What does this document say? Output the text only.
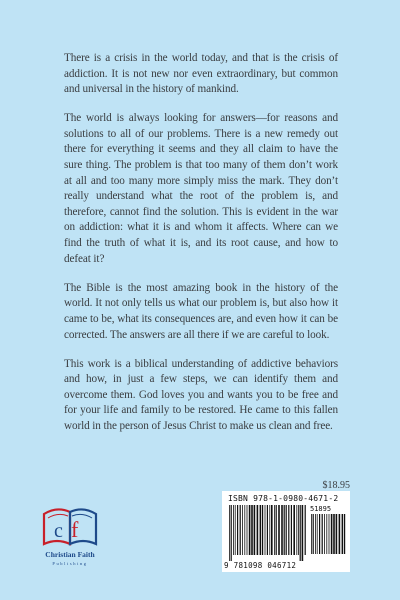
There is a crisis in the world today, and that is the crisis of addiction. It is not new nor even extraordinary, but common and universal in the history of mankind.

The world is always looking for answers—for reasons and solutions to all of our problems. There is a new remedy out there for everything it seems and they all claim to have the sure thing. The problem is that too many of them don’t work at all and too many more simply miss the mark. They don’t really understand what the root of the problem is, and therefore, cannot find the solution. This is evident in the war on addiction: what it is and whom it affects. Where can we find the truth of what it is, and its root cause, and how to defeat it?

The Bible is the most amazing book in the history of the world. It not only tells us what our problem is, but also how it came to be, what its consequences are, and even how it can be corrected. The answers are all there if we are careful to look.

This work is a biblical understanding of addictive behaviors and how, in just a few steps, we can identify them and overcome them. God loves you and wants you to be free and for your life and family to be restored. He came to this fallen world in the person of Jesus Christ to make us clean and free.

$18.95
ISBN 978-1-0980-4671-2
51895
9 781098 046712
c f
Christian Faith
Publishing
